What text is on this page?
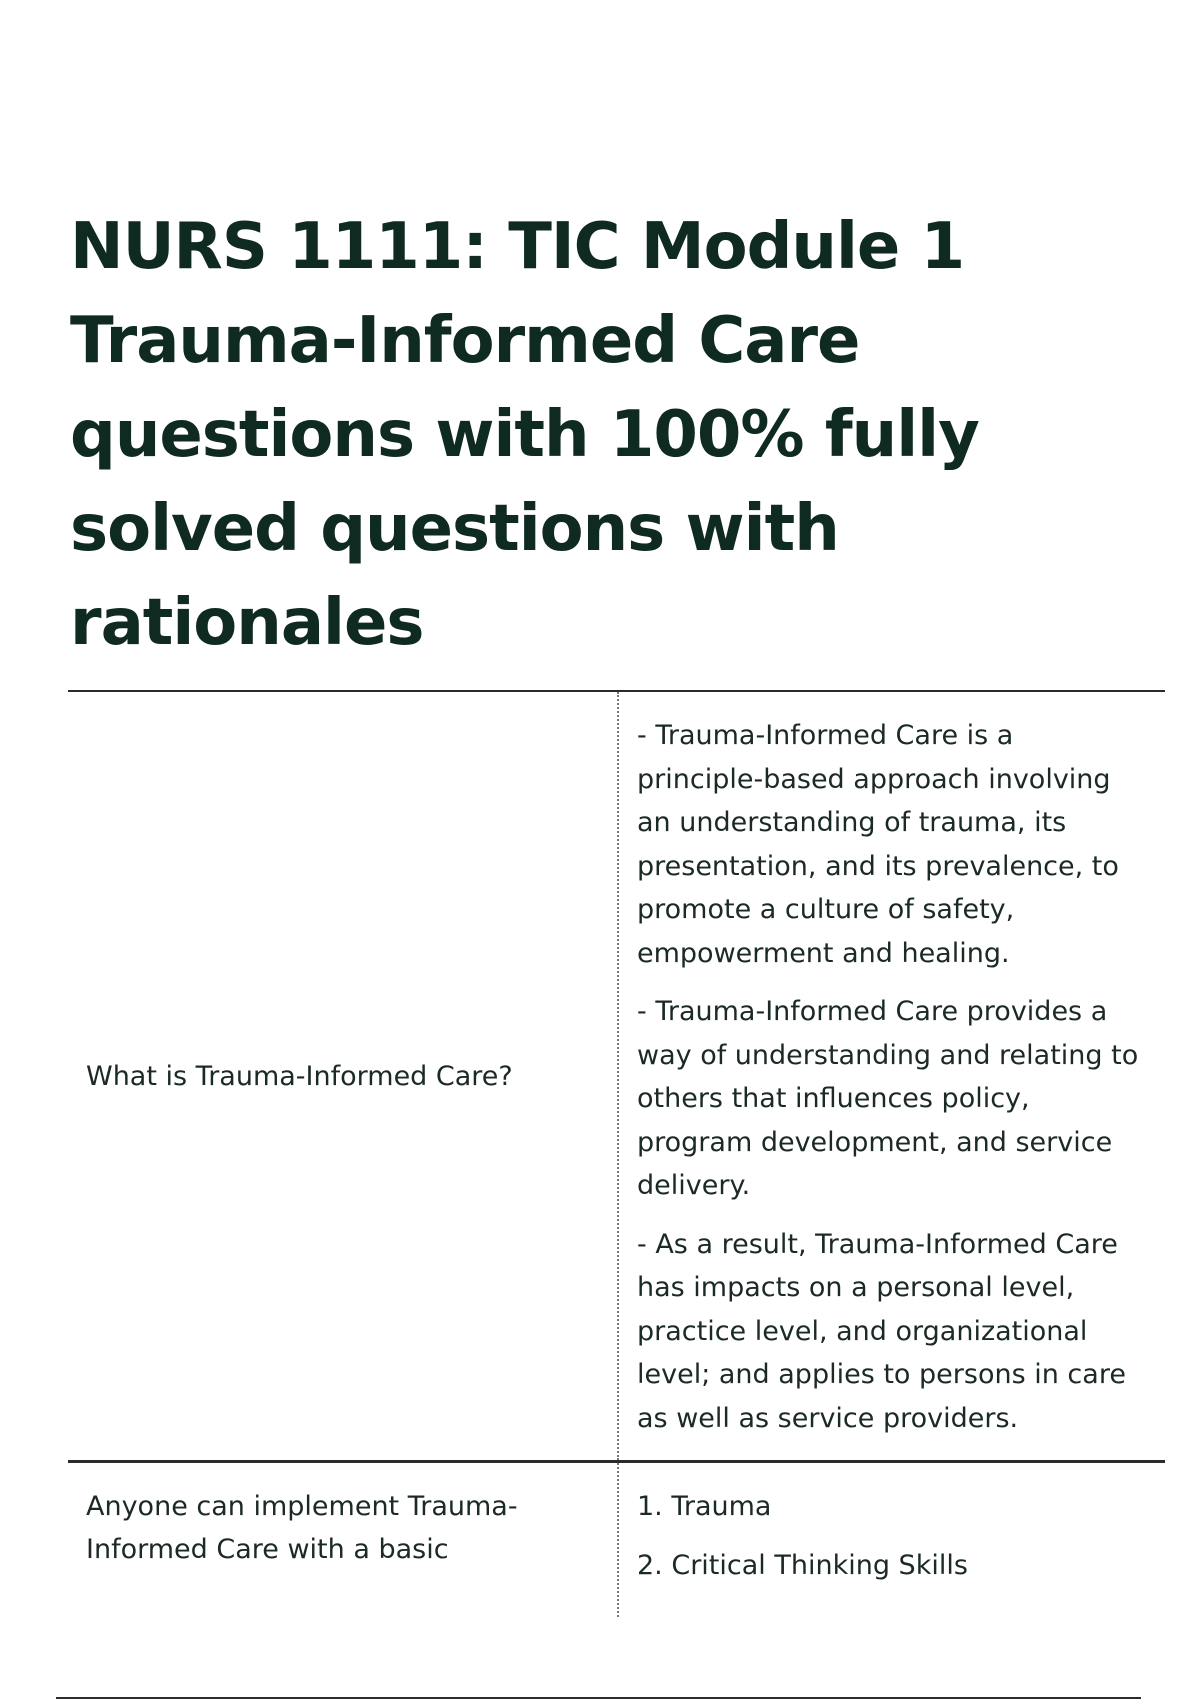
NURS 1111: TIC Module 1 Trauma-Informed Care questions with 100% fully solved questions with rationales
What is Trauma-Informed Care?

- Trauma-Informed Care is a principle-based approach involving an understanding of trauma, its presentation, and its prevalence, to promote a culture of safety, empowerment and healing.

- Trauma-Informed Care provides a way of understanding and relating to others that influences policy, program development, and service delivery.

- As a result, Trauma-Informed Care has impacts on a personal level, practice level, and organizational level; and applies to persons in care as well as service providers.

Anyone can implement Trauma-Informed Care with a basic

1. Trauma

2. Critical Thinking Skills
